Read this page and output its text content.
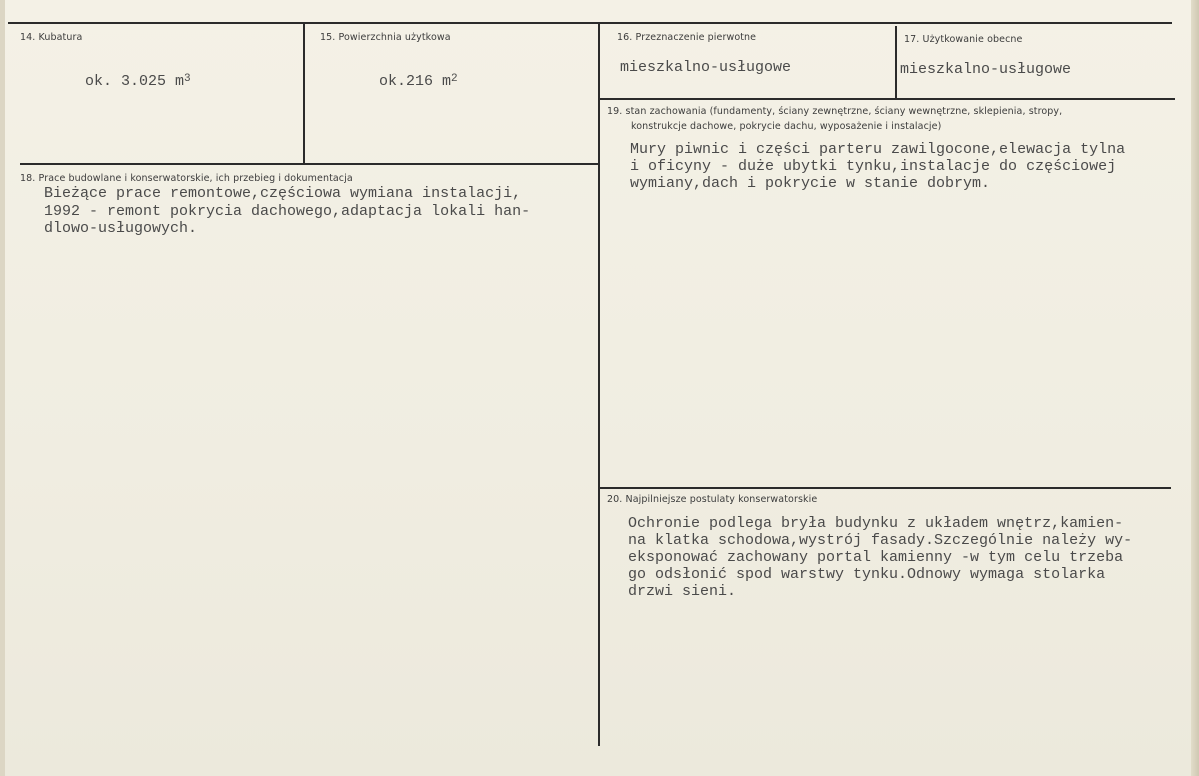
14. Kubatura
ok. 3.025 $m^3$
15. Powierzchnia użytkowa
ok.216 $m^2$
16. Przeznaczenie pierwotne
mieszkalno-usługowe
17. Użytkowanie obecne
mieszkalno-usługowe
18. Prace budowlane i konserwatorskie, ich przebieg i dokumentacja
Bieżące prace remontowe,częściowa wymiana instalacji,
1992 - remont pokrycia dachowego,adaptacja lokali han-
dlowo-usługowych.
19. stan zachowania (fundamenty, ściany zewnętrzne, ściany wewnętrzne, sklepienia, stropy,
konstrukcje dachowe, pokrycie dachu, wyposażenie i instalacje)
Mury piwnic i części parteru zawilgocone,elewacja tylna
i oficyny - duże ubytki tynku,instalacje do częściowej
wymiany,dach i pokrycie w stanie dobrym.
20. Najpilniejsze postulaty konserwatorskie
Ochronie podlega bryła budynku z układem wnętrz,kamien-
na klatka schodowa,wystrój fasady.Szczególnie należy wy-
eksponować zachowany portal kamienny -w tym celu trzeba
go odsłonić spod warstwy tynku.Odnowy wymaga stolarka
drzwi sieni.
